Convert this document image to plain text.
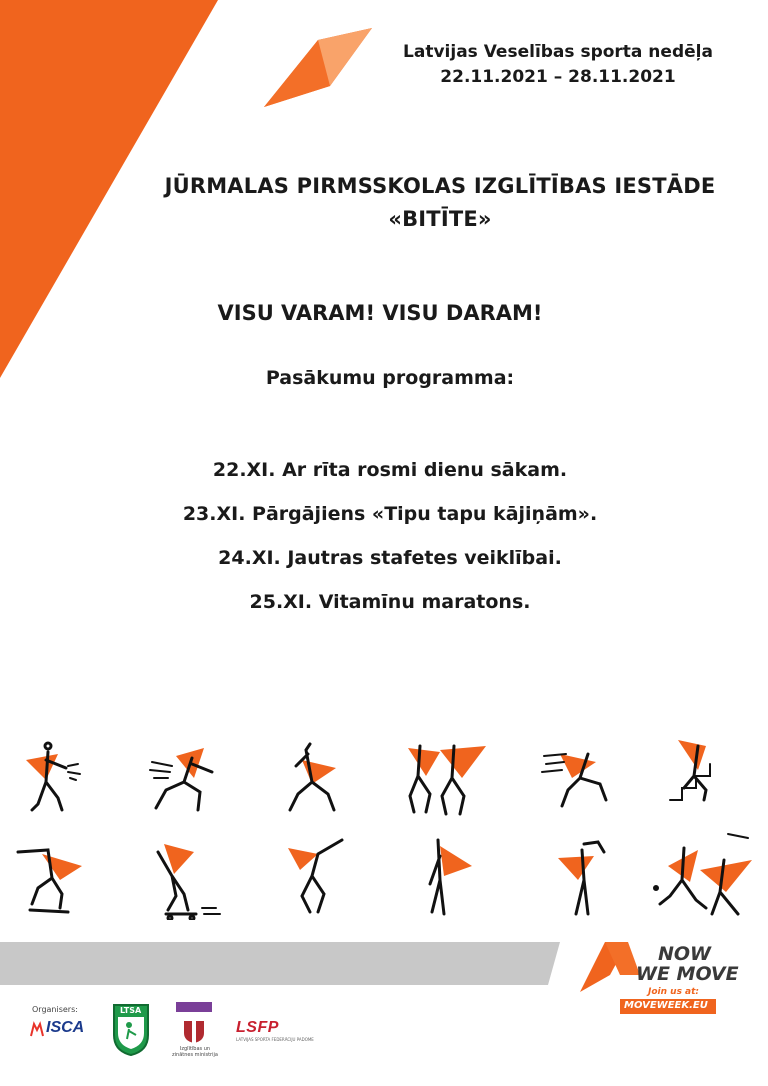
Latvijas Veselības sporta nedēļa
22.11.2021 – 28.11.2021
JŪRMALAS PIRMSSKOLAS IZGLĪTĪBAS IESTĀDE
«BITĪTE»
VISU VARAM! VISU DARAM!
Pasākumu programma:
22.XI. Ar rīta rosmi dienu sākam.
23.XI. Pārgājiens «Tipu tapu kājiņām».
24.XI. Jautras stafetes veiklībai.
25.XI. Vitamīnu maratons.
NOW
WE MOVE
Join us at:
MOVEWEEK.EU
Organisers:
ISCA
LTSA
Izglītības un zinātnes ministrija
LSFP
LATVIJAS SPORTA FEDERĀCIJU PADOME
